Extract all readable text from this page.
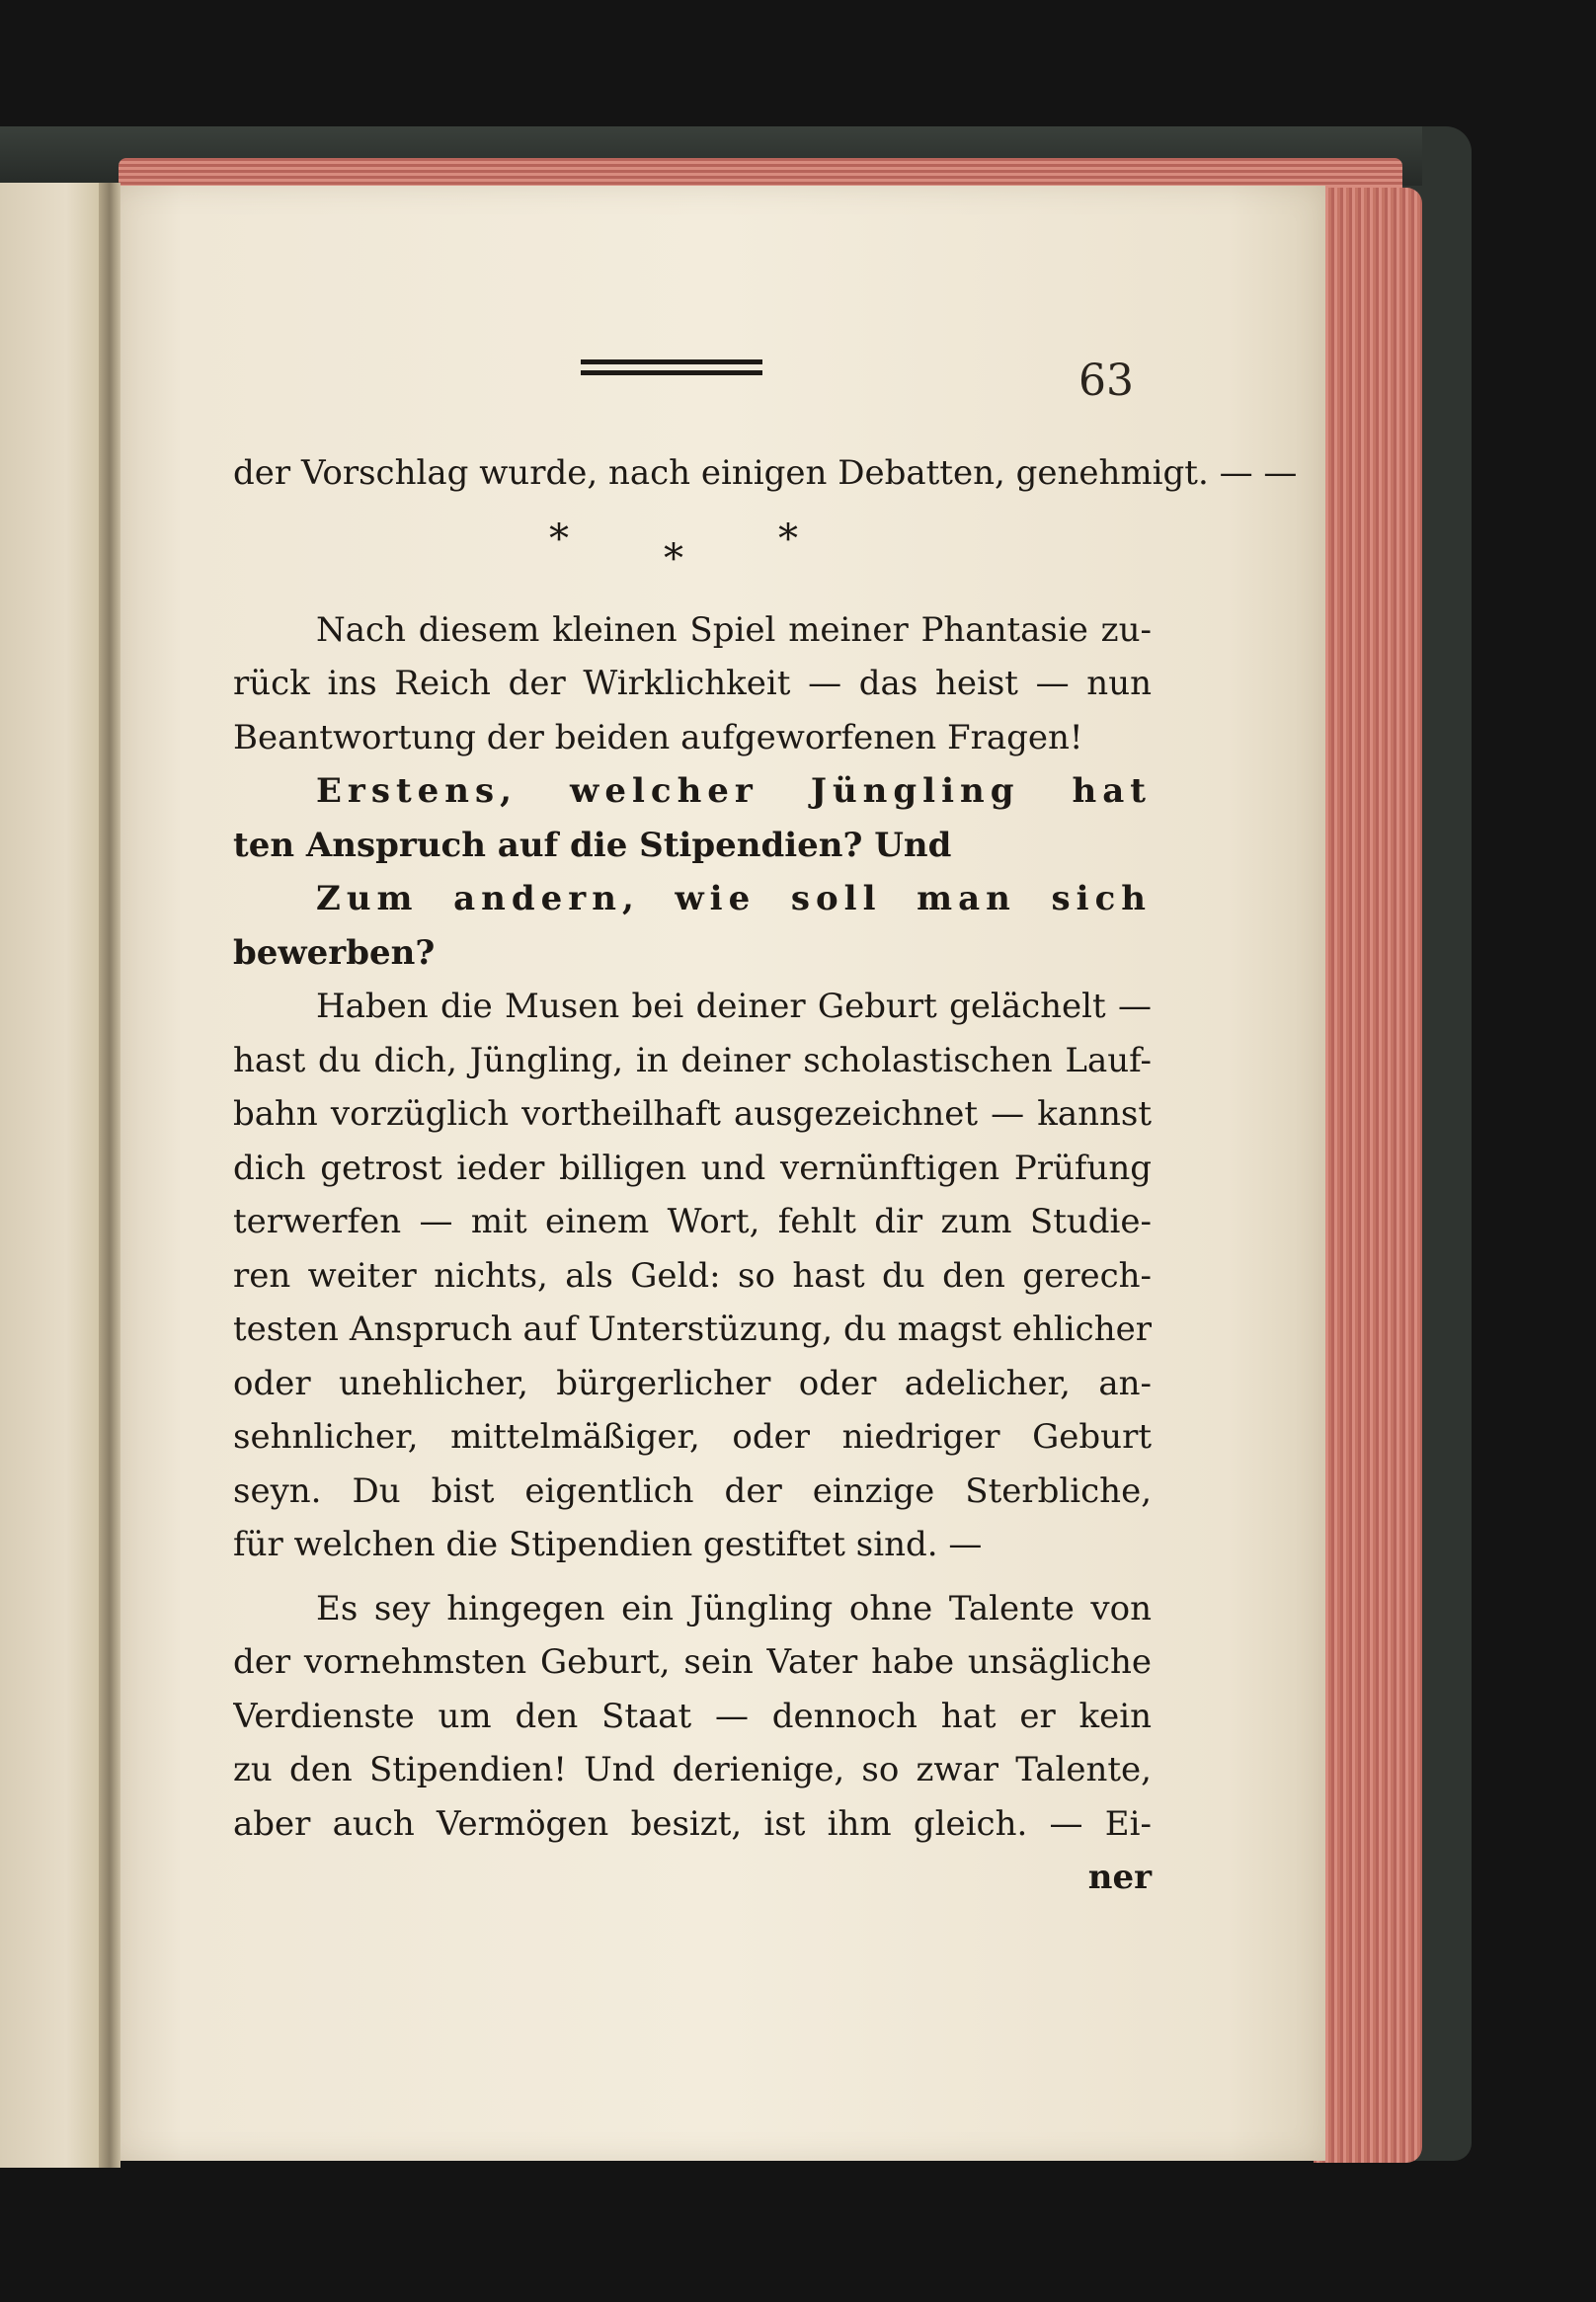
63
der Vorschlag wurde, nach einigen Debatten, genehmigt. — —
* * *
Nach diesem kleinen Spiel meiner Phantasie zu-
rück ins Reich der Wirklichkeit — das heist — nun
Beantwortung der beiden aufgeworfenen Fragen!
Erstens, welcher Jüngling hat
ten Anspruch auf die Stipendien? Und
Zum andern, wie soll man sich
bewerben?
Haben die Musen bei deiner Geburt gelächelt —
hast du dich, Jüngling, in deiner scholastischen Lauf-
bahn vorzüglich vortheilhaft ausgezeichnet — kannst
dich getrost ieder billigen und vernünftigen Prüfung
terwerfen — mit einem Wort, fehlt dir zum Studie-
ren weiter nichts, als Geld: so hast du den gerech-
testen Anspruch auf Unterstüzung, du magst ehlicher
oder unehlicher, bürgerlicher oder adelicher, an-
sehnlicher, mittelmäßiger, oder niedriger Geburt
seyn. Du bist eigentlich der einzige Sterbliche,
für welchen die Stipendien gestiftet sind. —
Es sey hingegen ein Jüngling ohne Talente von
der vornehmsten Geburt, sein Vater habe unsägliche
Verdienste um den Staat — dennoch hat er kein
zu den Stipendien! Und derienige, so zwar Talente,
aber auch Vermögen besizt, ist ihm gleich. — Ei-
ner
